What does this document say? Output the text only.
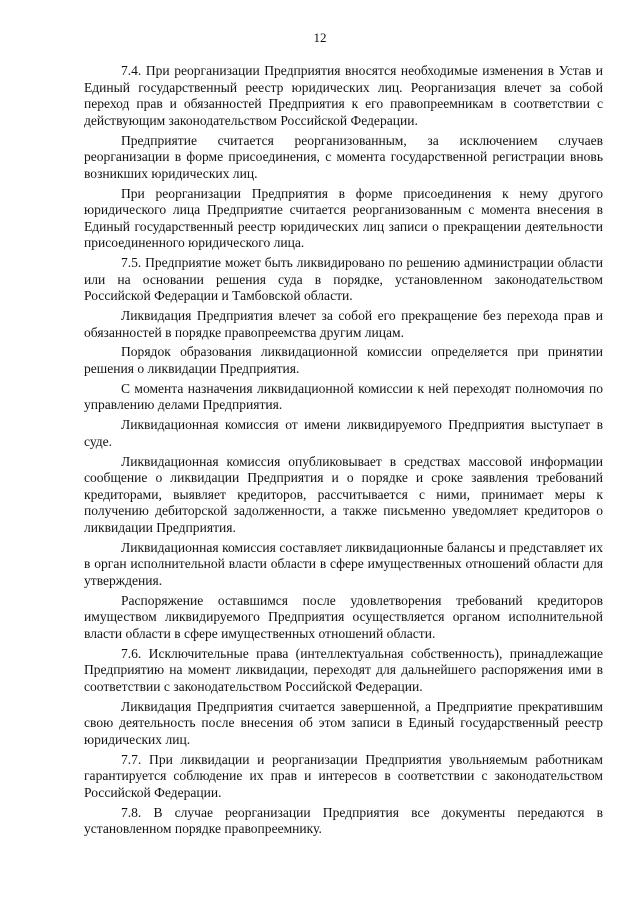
12

7.4. При реорганизации Предприятия вносятся необходимые изменения в Устав и Единый государственный реестр юридических лиц. Реорганизация влечет за собой переход прав и обязанностей Предприятия к его правопреемникам в соответствии с действующим законодательством Российской Федерации.

Предприятие считается реорганизованным, за исключением случаев реорганизации в форме присоединения, с момента государственной регистрации вновь возникших юридических лиц.

При реорганизации Предприятия в форме присоединения к нему другого юридического лица Предприятие считается реорганизованным с момента внесения в Единый государственный реестр юридических лиц записи о прекращении деятельности присоединенного юридического лица.

7.5. Предприятие может быть ликвидировано по решению администрации области или на основании решения суда в порядке, установленном законодательством Российской Федерации и Тамбовской области.

Ликвидация Предприятия влечет за собой его прекращение без перехода прав и обязанностей в порядке правопреемства другим лицам.

Порядок образования ликвидационной комиссии определяется при принятии решения о ликвидации Предприятия.

С момента назначения ликвидационной комиссии к ней переходят полномочия по управлению делами Предприятия.

Ликвидационная комиссия от имени ликвидируемого Предприятия выступает в суде.

Ликвидационная комиссия опубликовывает в средствах массовой информации сообщение о ликвидации Предприятия и о порядке и сроке заявления требований кредиторами, выявляет кредиторов, рассчитывается с ними, принимает меры к получению дебиторской задолженности, а также письменно уведомляет кредиторов о ликвидации Предприятия.

Ликвидационная комиссия составляет ликвидационные балансы и представляет их в орган исполнительной власти области в сфере имущественных отношений области для утверждения.

Распоряжение оставшимся после удовлетворения требований кредиторов имуществом ликвидируемого Предприятия осуществляется органом исполнительной власти области в сфере имущественных отношений области.

7.6. Исключительные права (интеллектуальная собственность), принадлежащие Предприятию на момент ликвидации, переходят для дальнейшего распоряжения ими в соответствии с законодательством Российской Федерации.

Ликвидация Предприятия считается завершенной, а Предприятие прекратившим свою деятельность после внесения об этом записи в Единый государственный реестр юридических лиц.

7.7. При ликвидации и реорганизации Предприятия увольняемым работникам гарантируется соблюдение их прав и интересов в соответствии с законодательством Российской Федерации.

7.8. В случае реорганизации Предприятия все документы передаются в установленном порядке правопреемнику.
